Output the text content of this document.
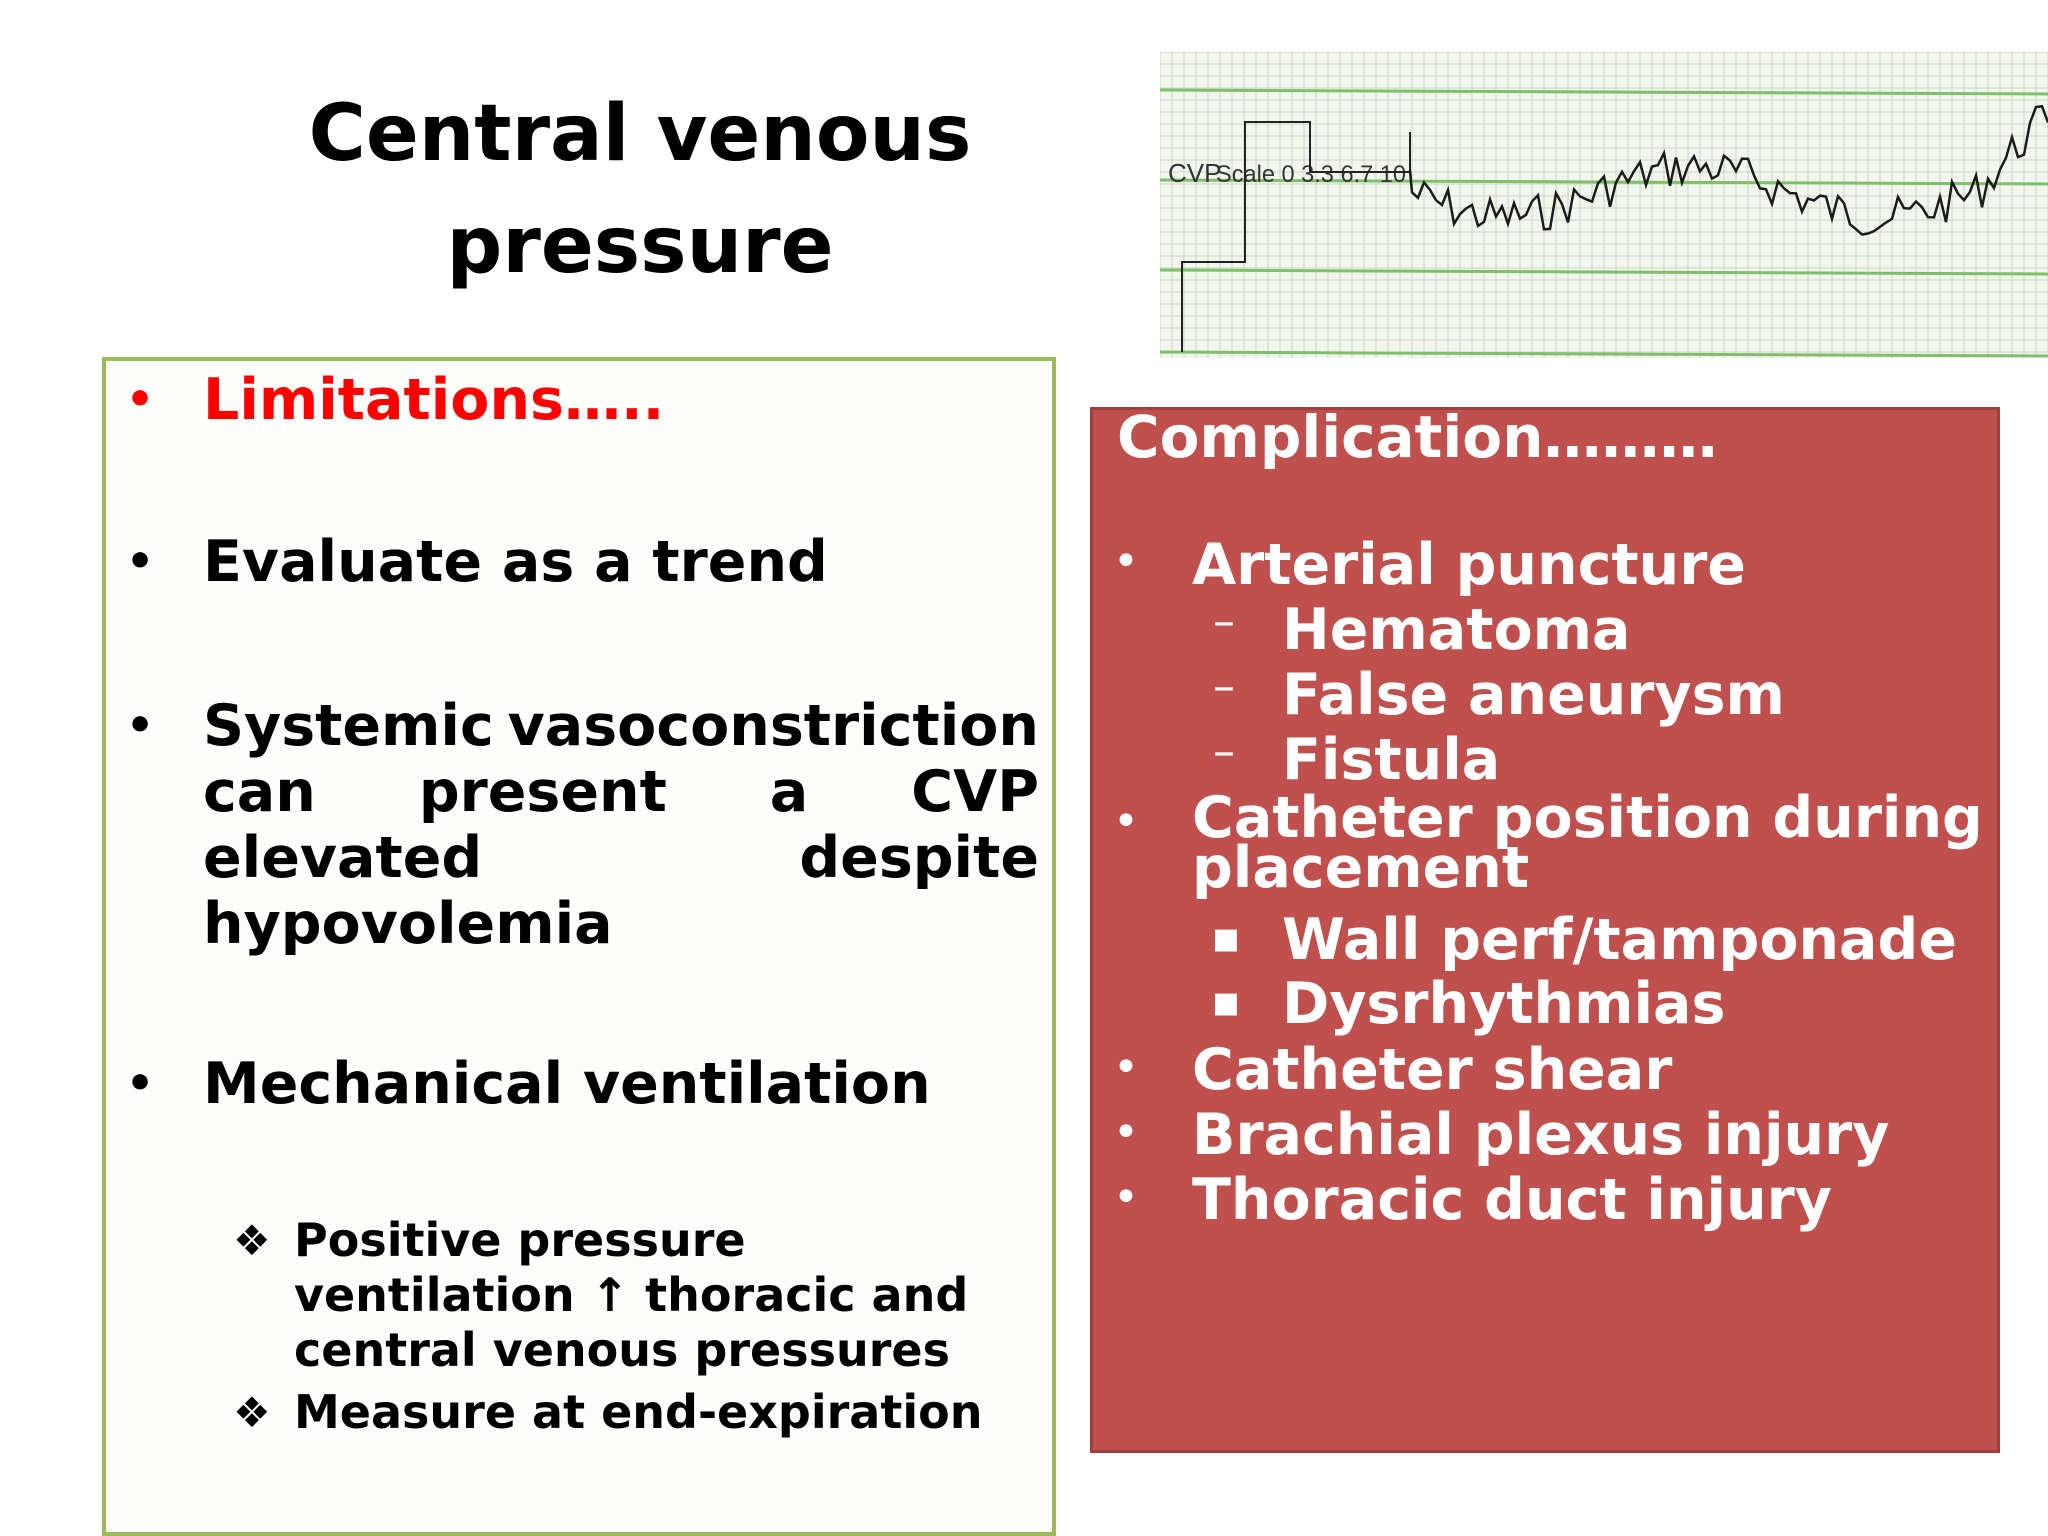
Central venous
pressure
CVP
Scale 0 3.3 6.7 10
• Limitations…..
• Evaluate as a trend
• Systemic vasoconstriction
can present a CVP
elevated	despite
hypovolemia
• Mechanical ventilation
❖ Positive pressure ventilation ↑ thoracic and central venous pressures
❖ Measure at end-expiration
Complication………
• Arterial puncture
– Hematoma
– False aneurysm
– Fistula
• Catheter position during placement
▪ Wall perf/tamponade
▪ Dysrhythmias
• Catheter shear
• Brachial plexus injury
• Thoracic duct injury
